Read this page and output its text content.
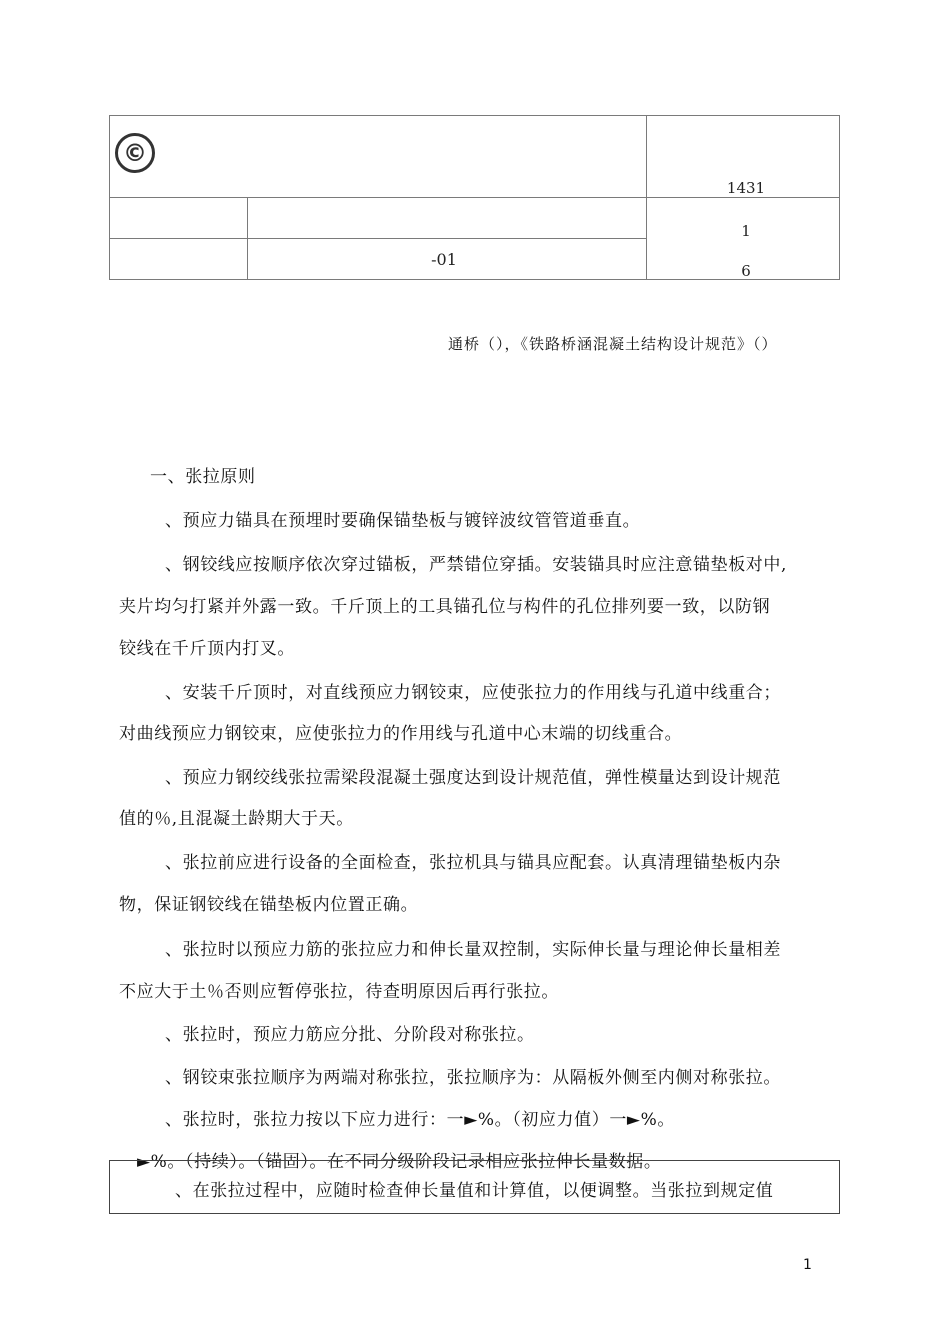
©
1431
-01
1
6
通桥（），《铁路桥涵混凝土结构设计规范》（）
一、张拉原则
、预应力锚具在预埋时要确保锚垫板与镀锌波纹管管道垂直。
、钢铰线应按顺序依次穿过锚板，严禁错位穿插。安装锚具时应注意锚垫板对中,
夹片均匀打紧并外露一致。千斤顶上的工具锚孔位与构件的孔位排列要一致，以防钢
铰线在千斤顶内打叉。
、安装千斤顶时，对直线预应力钢铰束，应使张拉力的作用线与孔道中线重合；
对曲线预应力钢铰束，应使张拉力的作用线与孔道中心末端的切线重合。
、预应力钢绞线张拉需梁段混凝土强度达到设计规范值，弹性模量达到设计规范
值的％,且混凝土龄期大于天。
、张拉前应进行设备的全面检查，张拉机具与锚具应配套。认真清理锚垫板内杂
物，保证钢铰线在锚垫板内位置正确。
、张拉时以预应力筋的张拉应力和伸长量双控制，实际伸长量与理论伸长量相差
不应大于土％否则应暂停张拉，待查明原因后再行张拉。
、张拉时，预应力筋应分批、分阶段对称张拉。
、钢铰束张拉顺序为两端对称张拉，张拉顺序为：从隔板外侧至内侧对称张拉。
、张拉时，张拉力按以下应力进行：一►%。（初应力值）一►%。
►%。（持续）。（锚固）。在不同分级阶段记录相应张拉伸长量数据。
、在张拉过程中，应随时检查伸长量值和计算值，以便调整。当张拉到规定值
1
